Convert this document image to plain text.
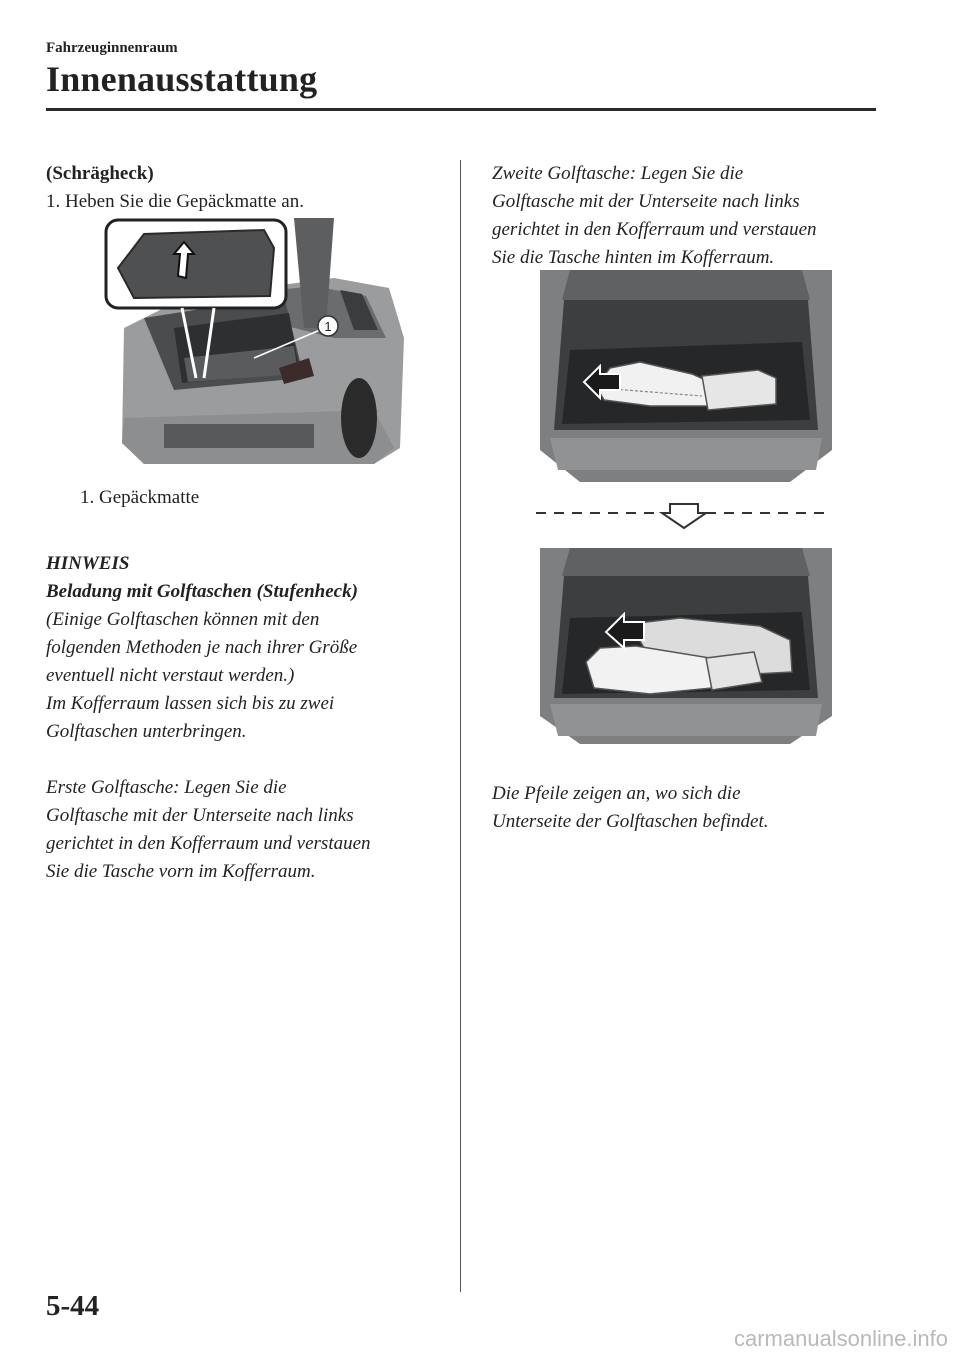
Fahrzeuginnenraum
Innenausstattung
(Schrägheck)
1. Heben Sie die Gepäckmatte an.
1
1. Gepäckmatte
HINWEIS
Beladung mit Golftaschen (Stufenheck)
(Einige Golftaschen können mit den
folgenden Methoden je nach ihrer Größe
eventuell nicht verstaut werden.)
Im Kofferraum lassen sich bis zu zwei
Golftaschen unterbringen.
Erste Golftasche: Legen Sie die
Golftasche mit der Unterseite nach links
gerichtet in den Kofferraum und verstauen
Sie die Tasche vorn im Kofferraum.
Zweite Golftasche: Legen Sie die
Golftasche mit der Unterseite nach links
gerichtet in den Kofferraum und verstauen
Sie die Tasche hinten im Kofferraum.
Die Pfeile zeigen an, wo sich die
Unterseite der Golftaschen befindet.
5-44
carmanualsonline.info
